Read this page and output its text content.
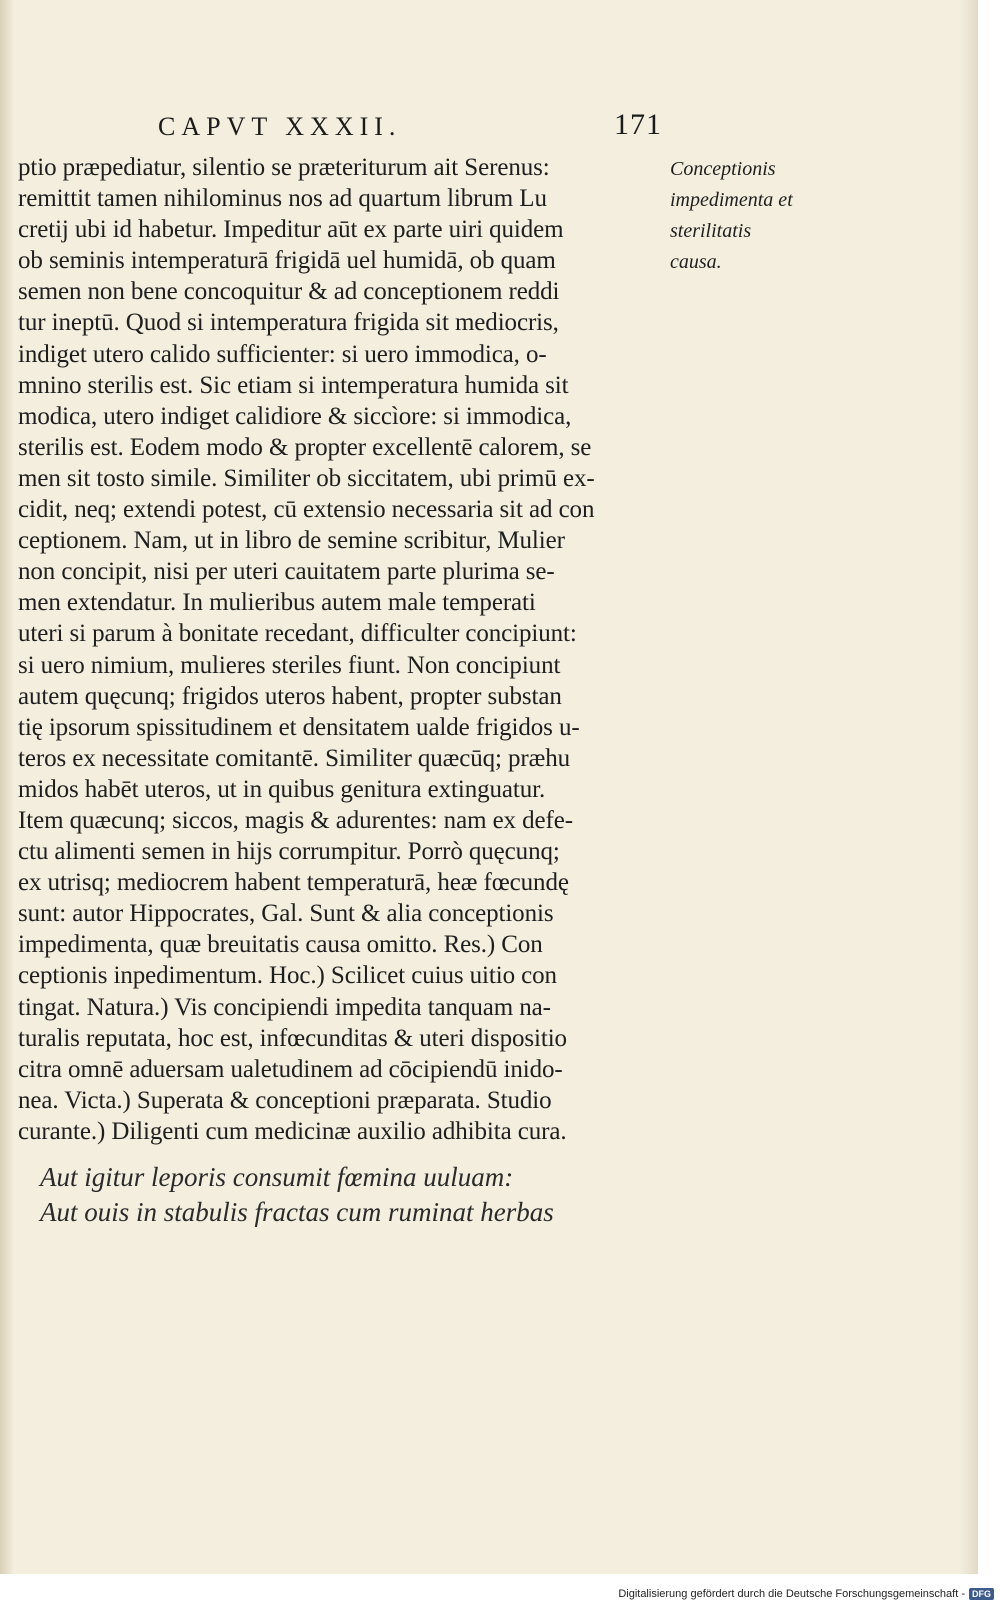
CAPVT XXXII.	171
ptio præpediatur, silentio se præteriturum ait Serenus:
remittit tamen nihilominus nos ad quartum librum Lu
cretij ubi id habetur. Impeditur aūt ex parte uiri quidem
ob seminis intemperaturā frigidā uel humidā, ob quam
semen non bene concoquitur & ad conceptionem reddi
tur ineptū. Quod si intemperatura frigida sit mediocris,
indiget utero calido sufficienter: si uero immodica, o-
mnino sterilis est. Sic etiam si intemperatura humida sit
modica, utero indiget calidiore & siccìore: si immodica,
sterilis est. Eodem modo & propter excellentē calorem, se
men sit tosto simile. Similiter ob siccitatem, ubi primū ex-
cidit, neq; extendi potest, cū extensio necessaria sit ad con
ceptionem. Nam, ut in libro de semine scribitur, Mulier
non concipit, nisi per uteri cauitatem parte plurima se-
men extendatur. In mulieribus autem male temperati
uteri si parum à bonitate recedant, difficulter concipiunt:
si uero nimium, mulieres steriles fiunt. Non concipiunt
autem quęcunq; frigidos uteros habent, propter substan
tię ipsorum spissitudinem et densitatem ualde frigidos u-
teros ex necessitate comitantē. Similiter quæcūq; præhu
midos habēt uteros, ut in quibus genitura extinguatur.
Item quæcunq; siccos, magis & adurentes: nam ex defe-
ctu alimenti semen in hijs corrumpitur. Porrò quęcunq;
ex utrisq; mediocrem habent temperaturā, heæ fœcundę
sunt: autor Hippocrates, Gal. Sunt & alia conceptionis
impedimenta, quæ breuitatis causa omitto. Res.) Con
ceptionis inpedimentum. Hoc.) Scilicet cuius uitio con
tingat. Natura.) Vis concipiendi impedita tanquam na-
turalis reputata, hoc est, infœcunditas & uteri dispositio
citra omnē aduersam ualetudinem ad cōcipiendū inido-
nea. Victa.) Superata & conceptioni præparata. Studio
curante.) Diligenti cum medicinæ auxilio adhibita cura.
Conceptionis
impedimenta et
sterilitatis
causa.
Aut igitur leporis consumit fœmina uuluam:
Aut ouis in stabulis fractas cum ruminat herbas
Digitalisierung gefördert durch die Deutsche Forschungsgemeinschaft - DFG
